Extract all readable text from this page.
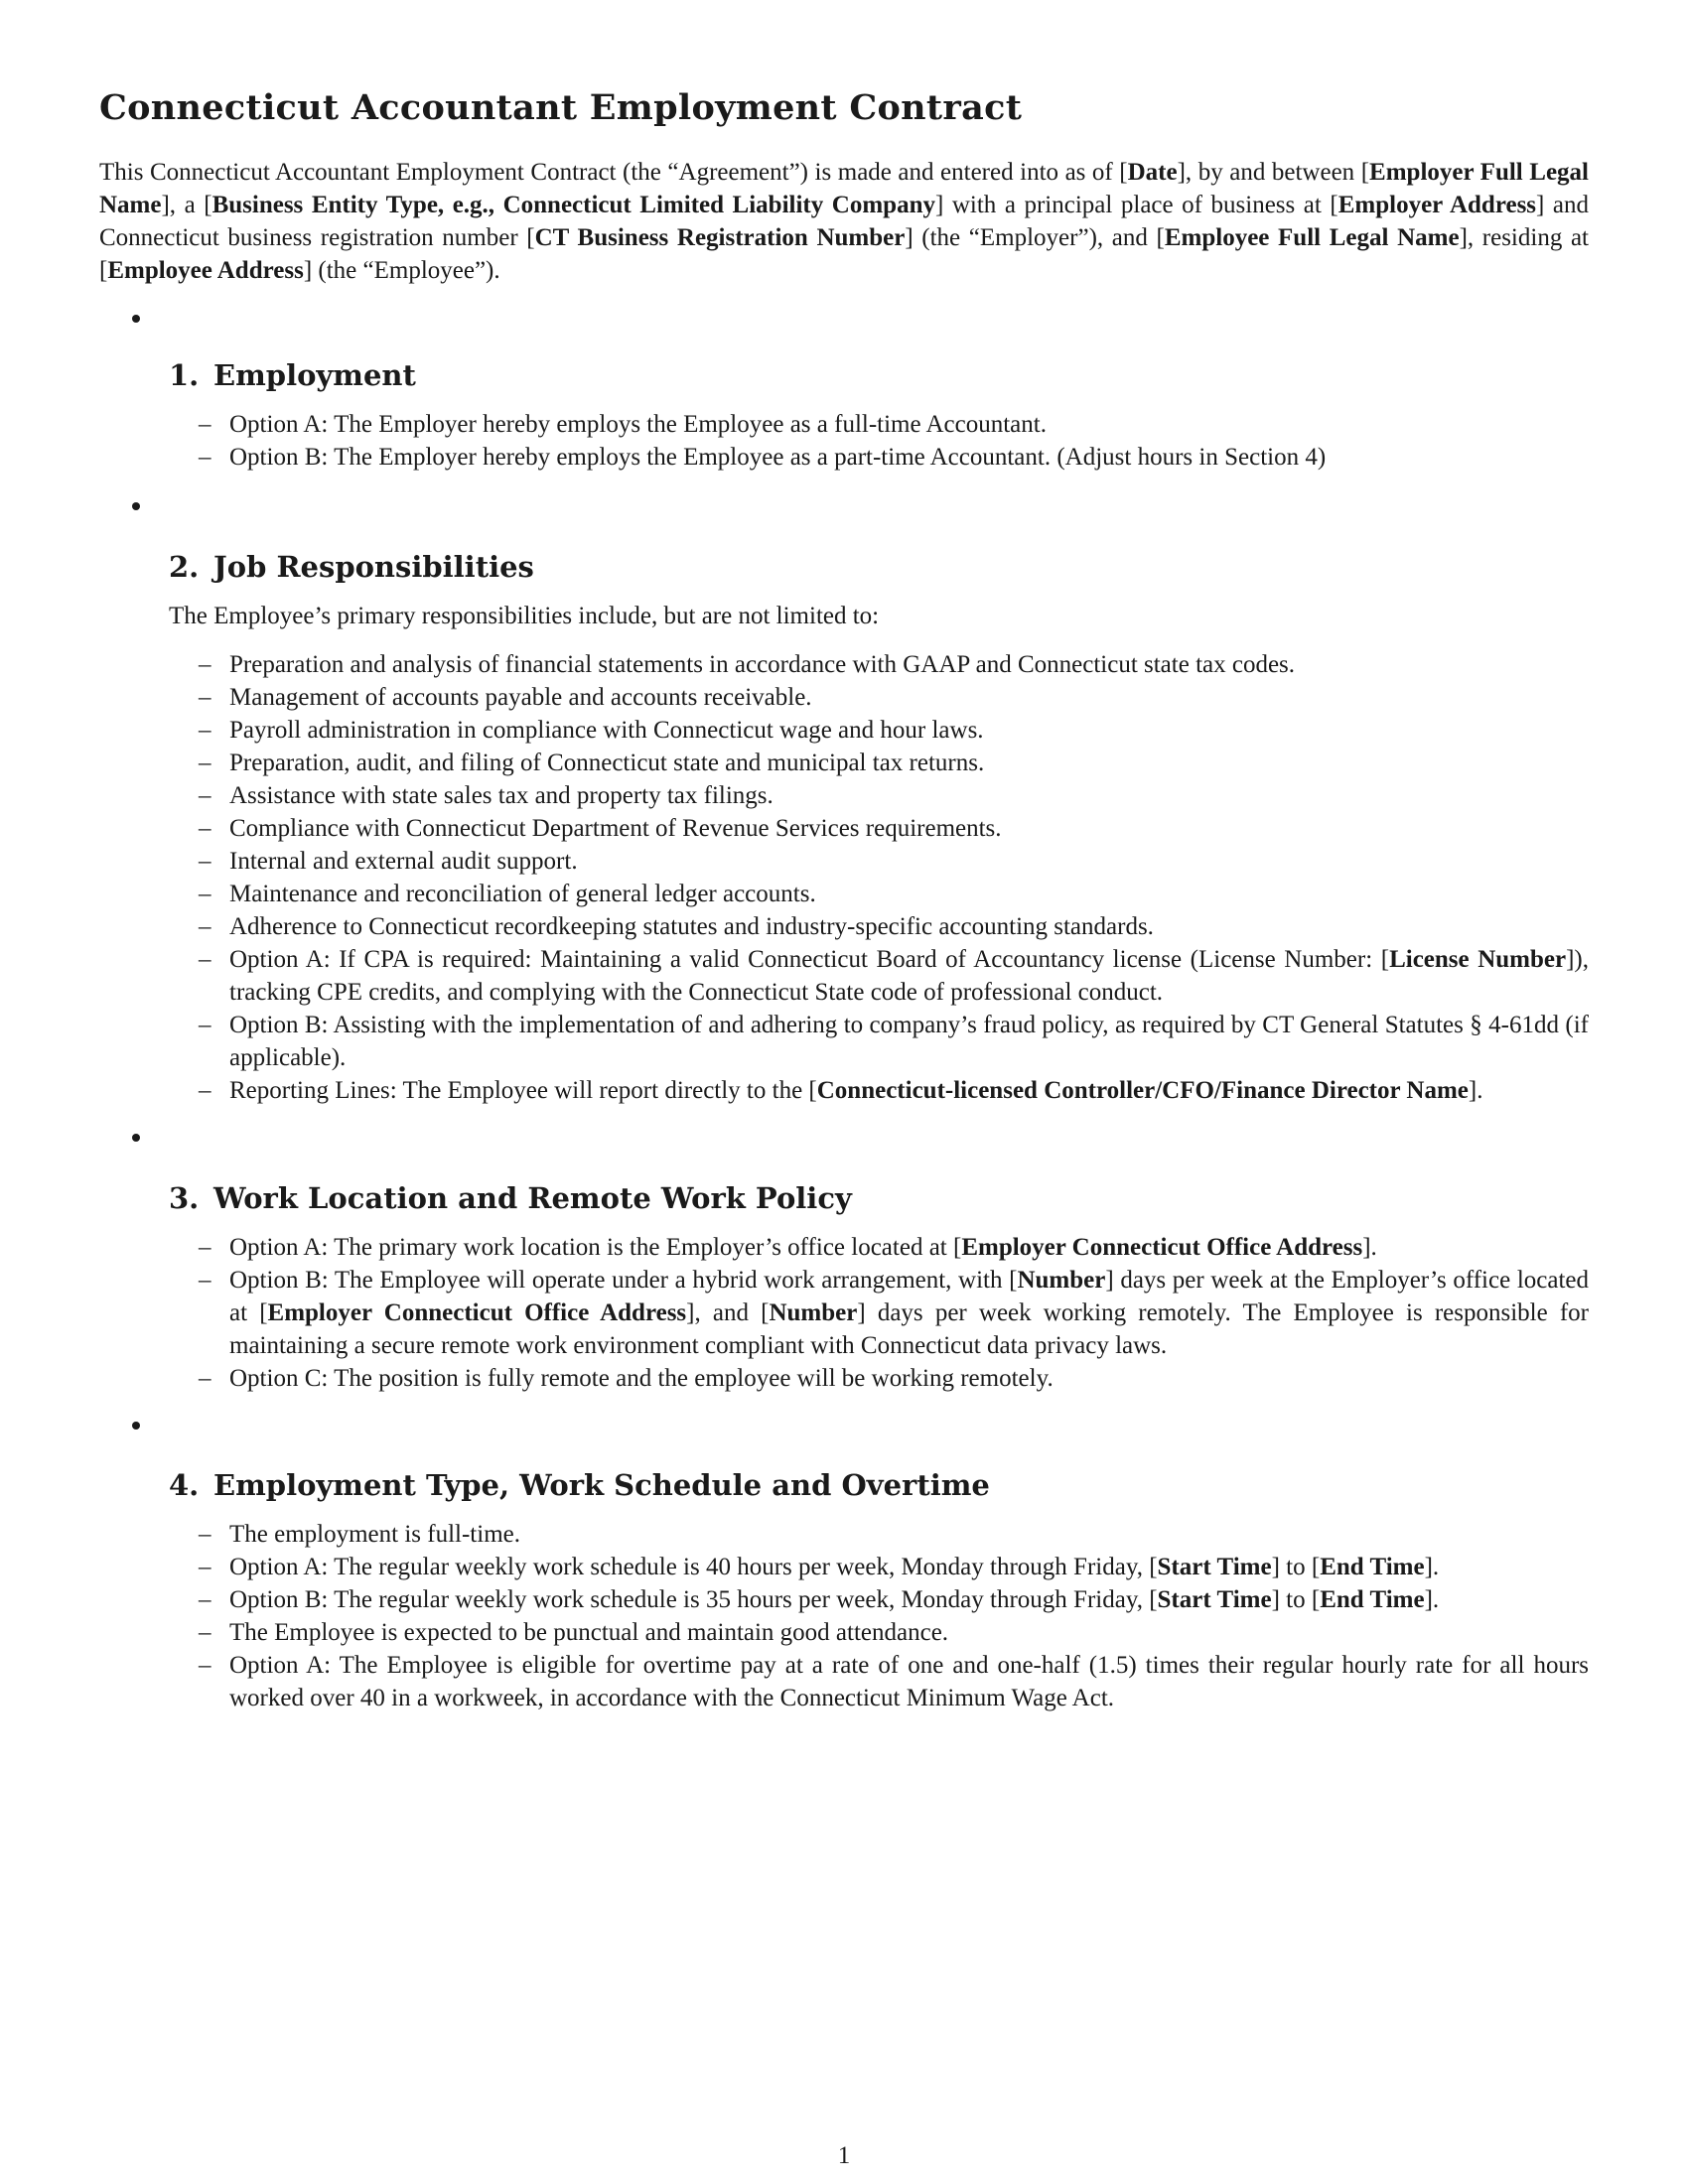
Connecticut Accountant Employment Contract

This Connecticut Accountant Employment Contract (the “Agreement”) is made and entered into as of [Date], by and between [Employer Full Legal Name], a [Business Entity Type, e.g., Connecticut Limited Liability Company] with a principal place of business at [Employer Address] and Connecticut business registration number [CT Business Registration Number] (the “Employer”), and [Employee Full Legal Name], residing at [Employee Address] (the “Employee”).

1. Employment
– Option A: The Employer hereby employs the Employee as a full-time Accountant.
– Option B: The Employer hereby employs the Employee as a part-time Accountant. (Adjust hours in Section 4)
2. Job Responsibilities

The Employee’s primary responsibilities include, but are not limited to:

– Preparation and analysis of financial statements in accordance with GAAP and Connecticut state tax codes.
– Management of accounts payable and accounts receivable.
– Payroll administration in compliance with Connecticut wage and hour laws.
– Preparation, audit, and filing of Connecticut state and municipal tax returns.
– Assistance with state sales tax and property tax filings.
– Compliance with Connecticut Department of Revenue Services requirements.
– Internal and external audit support.
– Maintenance and reconciliation of general ledger accounts.
– Adherence to Connecticut recordkeeping statutes and industry-specific accounting standards.
– Option A: If CPA is required: Maintaining a valid Connecticut Board of Accountancy license (License Number: [License Number]), tracking CPE credits, and complying with the Connecticut State code of professional conduct.
– Option B: Assisting with the implementation of and adhering to company’s fraud policy, as required by CT General Statutes § 4-61dd (if applicable).
– Reporting Lines: The Employee will report directly to the [Connecticut-licensed Controller/CFO/Finance Director Name].
3. Work Location and Remote Work Policy
– Option A: The primary work location is the Employer’s office located at [Employer Connecticut Office Address].
– Option B: The Employee will operate under a hybrid work arrangement, with [Number] days per week at the Employer’s office located at [Employer Connecticut Office Address], and [Number] days per week working remotely. The Employee is responsible for maintaining a secure remote work environment compliant with Connecticut data privacy laws.
– Option C: The position is fully remote and the employee will be working remotely.
4. Employment Type, Work Schedule and Overtime
– The employment is full-time.
– Option A: The regular weekly work schedule is 40 hours per week, Monday through Friday, [Start Time] to [End Time].
– Option B: The regular weekly work schedule is 35 hours per week, Monday through Friday, [Start Time] to [End Time].
– The Employee is expected to be punctual and maintain good attendance.
– Option A: The Employee is eligible for overtime pay at a rate of one and one-half (1.5) times their regular hourly rate for all hours worked over 40 in a workweek, in accordance with the Connecticut Minimum Wage Act.
1
